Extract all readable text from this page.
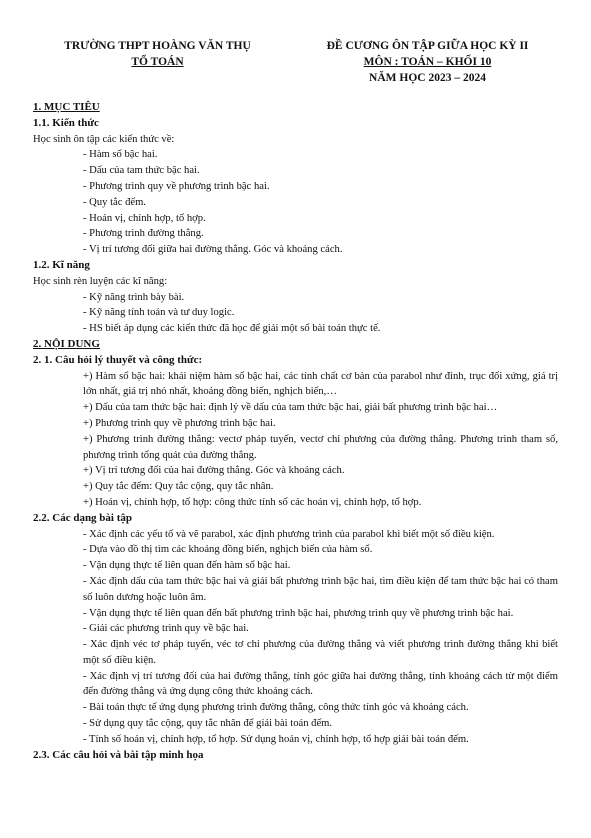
TRƯỜNG THPT HOÀNG VĂN THỤ
TỔ TOÁN
ĐỀ CƯƠNG ÔN TẬP GIỮA HỌC KỲ II
MÔN : TOÁN – KHỐI 10
NĂM HỌC 2023 – 2024
1. MỤC TIÊU
1.1. Kiến thức

Học sinh ôn tập các kiến thức về:

- Hàm số bậc hai.
- Dấu của tam thức bậc hai.
- Phương trình quy về phương trình bậc hai.
- Quy tắc đếm.
- Hoán vị, chỉnh hợp, tổ hợp.
- Phương trình đường thẳng.
- Vị trí tương đối giữa hai đường thẳng. Góc và khoảng cách.
1.2. Kĩ năng

Học sinh rèn luyện các kĩ năng:

- Kỹ năng trình bày bài.
- Kỹ năng tính toán và tư duy logic.
- HS biết áp dụng các kiến thức đã học để giải một số bài toán thực tế.
2. NỘI DUNG
2. 1. Câu hỏi lý thuyết và công thức:
+) Hàm số bậc hai: khái niệm hàm số bậc hai, các tính chất cơ bản của parabol như đỉnh, trục đối xứng, giá trị lớn nhất, giá trị nhỏ nhất, khoảng đồng biến, nghịch biến,…
+) Dấu của tam thức bậc hai: định lý về dấu của tam thức bậc hai, giải bất phương trình bậc hai…
+) Phương trình quy về phương trình bậc hai.
+) Phương trình đường thẳng: vectơ pháp tuyến, vectơ chỉ phương của đường thẳng. Phương trình tham số, phương trình tổng quát của đường thẳng.
+) Vị trí tương đối của hai đường thẳng. Góc và khoảng cách.
+) Quy tắc đếm: Quy tắc cộng, quy tắc nhân.
+) Hoán vị, chỉnh hợp, tổ hợp: công thức tính số các hoán vị, chỉnh hợp, tổ hợp.
2.2. Các dạng bài tập
- Xác định các yếu tố và vẽ parabol, xác định phương trình của parabol khi biết một số điều kiện.
- Dựa vào đồ thị tìm các khoảng đồng biến, nghịch biến của hàm số.
- Vận dụng thực tế liên quan đến hàm số bậc hai.
- Xác định dấu của tam thức bậc hai và giải bất phương trình bậc hai, tìm điều kiện để tam thức bậc hai có tham số luôn dương hoặc luôn âm.
- Vận dụng thực tế liên quan đến bất phương trình bậc hai, phương trình quy về phương trình bậc hai.
- Giải các phương trình quy về bậc hai.
- Xác định véc tơ pháp tuyến, véc tơ chỉ phương của đường thẳng và viết phương trình đường thẳng khi biết một số điều kiện.
- Xác định vị trí tương đối của hai đường thẳng, tính góc giữa hai đường thẳng, tính khoảng cách từ một điểm đến đường thẳng và ứng dụng công thức khoảng cách.
- Bài toán thực tế ứng dụng phương trình đường thẳng, công thức tính góc và khoảng cách.
- Sử dụng quy tắc cộng, quy tắc nhân để giải bài toán đếm.
- Tính số hoán vị, chỉnh hợp, tổ hợp. Sử dụng hoán vị, chỉnh hợp, tổ hợp giải bài toán đếm.
2.3. Các câu hỏi và bài tập minh họa
